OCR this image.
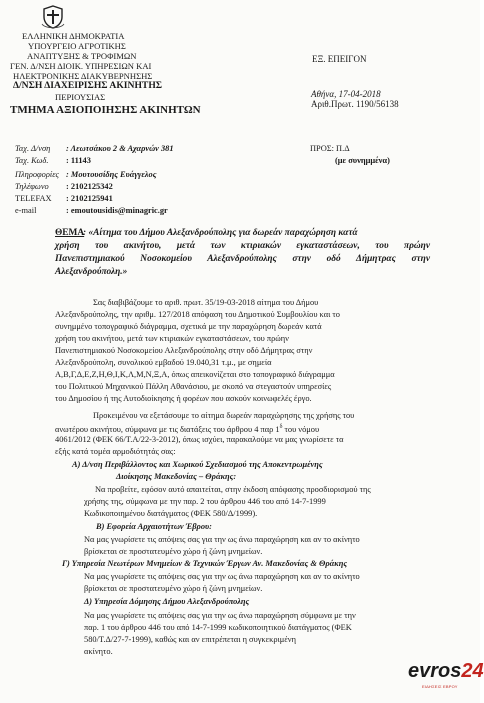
ΕΛΛΗΝΙΚΗ ΔΗΜΟΚΡΑΤΙΑ
ΥΠΟΥΡΓΕΙΟ ΑΓΡΟΤΙΚΗΣ
ΑΝΑΠΤΥΞΗΣ & ΤΡΟΦΙΜΩΝ
ΓΕΝ. Δ/ΝΣΗ ΔΙΟΙΚ. ΥΠΗΡΕΣΙΩΝ ΚΑΙ
ΗΛΕΚΤΡΟΝΙΚΗΣ ΔΙΑΚΥΒΕΡΝΗΣΗΣ
Δ/ΝΣΗ ΔΙΑΧΕΙΡΙΣΗΣ ΑΚΙΝΗΤΗΣ
ΠΕΡΙΟΥΣΙΑΣ
ΤΜΗΜΑ ΑΞΙΟΠΟΙΗΣΗΣ ΑΚΙΝΗΤΩΝ
ΕΞ. ΕΠΕΙΓΟΝ
Αθήνα, 17-04-2018
Αριθ.Πρωτ. 1190/56138
Ταχ. Δ/νση : Λεωτσάκου 2 & Αχαρνών 381
Ταχ. Κωδ. : 11143
Πληροφορίες : Μουτουσίδης Ευάγγελος
Τηλέφωνο : 2102125342
TELEFAX : 2102125941
e-mail	: emoutousidis@minagric.gr
ΠΡΟΣ: Π.Δ
(με συνημμένα)
ΘΕΜΑ
: «Αίτημα του Δήμου Αλεξανδρούπολης για δωρεάν παραχώρηση κατά
χρήση του ακινήτου, μετά των κτιριακών εγκαταστάσεων, του πρώην
Πανεπιστημιακού Νοσοκομείου Αλεξανδρούπολης στην οδό Δήμητρας στην
Αλεξανδρούπολη.»
Σας διαβιβάζουμε το αριθ. πρωτ. 35/19-03-2018 αίτημα του Δήμου
Αλεξανδρούπολης, την αριθμ. 127/2018 απόφαση του Δημοτικού Συμβουλίου και το
συνημμένο τοπογραφικό διάγραμμα, σχετικά με την παραχώρηση δωρεάν κατά
χρήση του ακινήτου, μετά των κτιριακών εγκαταστάσεων, του πρώην
Πανεπιστημιακού Νοσοκομείου Αλεξανδρούπολης στην οδό Δήμητρας στην
Αλεξανδρούπολη, συνολικού εμβαδού 19.040,31 τ.μ., με σημεία
Α,Β,Γ,Δ,Ε,Ζ,Η,Θ,Ι,Κ,Λ,Μ,Ν,Ξ,Α, όπως απεικονίζεται στο τοπογραφικό διάγραμμα
του Πολιτικού Μηχανικού Πάλλη Αθανάσιου, με σκοπό να στεγαστούν υπηρεσίες
του Δημοσίου ή της Αυτοδιοίκησης ή φορέων που ασκούν κοινωφελές έργο.
Προκειμένου να εξετάσουμε το αίτημα δωρεάν παραχώρησης της χρήσης του
ανωτέρου ακινήτου, σύμφωνα με τις διατάξεις του άρθρου 4 παρ $1^\delta$ του νόμου
4061/2012 (ΦΕΚ 66/Τ.Α/22-3-2012), όπως ισχύει, παρακαλούμε να μας γνωρίσετε τα
εξής κατά τομέα αρμοδιότητάς σας:
Α) Δ/νση Περιβάλλοντος και Χωρικού Σχεδιασμού της Αποκεντρωμένης
Διοίκησης Μακεδονίας – Θράκης:
Να προβείτε, εφόσον αυτό απαιτείται, στην έκδοση απόφασης προσδιορισμού της
χρήσης της, σύμφωνα με την παρ. 2 του άρθρου 446 του από 14-7-1999
Κωδικοποιημένου διατάγματος (ΦΕΚ 580/Δ/1999).
Β) Εφορεία Αρχαιοτήτων Έβρου:
Να μας γνωρίσετε τις απόψεις σας για την ως άνω παραχώρηση και αν το ακίνητο
βρίσκεται σε προστατευμένο χώρο ή ζώνη μνημείων.
Γ) Υπηρεσία Νεωτέρων Μνημείων & Τεχνικών Έργων Αν. Μακεδονίας & Θράκης
Να μας γνωρίσετε τις απόψεις σας για την ως άνω παραχώρηση και αν το ακίνητο
βρίσκεται σε προστατευμένο χώρο ή ζώνη μνημείων.
Δ) Υπηρεσία Δόμησης Δήμου Αλεξανδρούπολης
Να μας γνωρίσετε τις απόψεις σας για την ως άνω παραχώρηση σύμφωνα με την
παρ. 1 του άρθρου 446 του από 14-7-1999 κωδικοποιητικού διατάγματος (ΦΕΚ
580/Τ.Δ/27-7-1999), καθώς και αν επιτρέπεται η συγκεκριμένη
ακίνητο.
evros24
ΕΙΔΗΣΕΙΣ ΕΒΡΟΥ
